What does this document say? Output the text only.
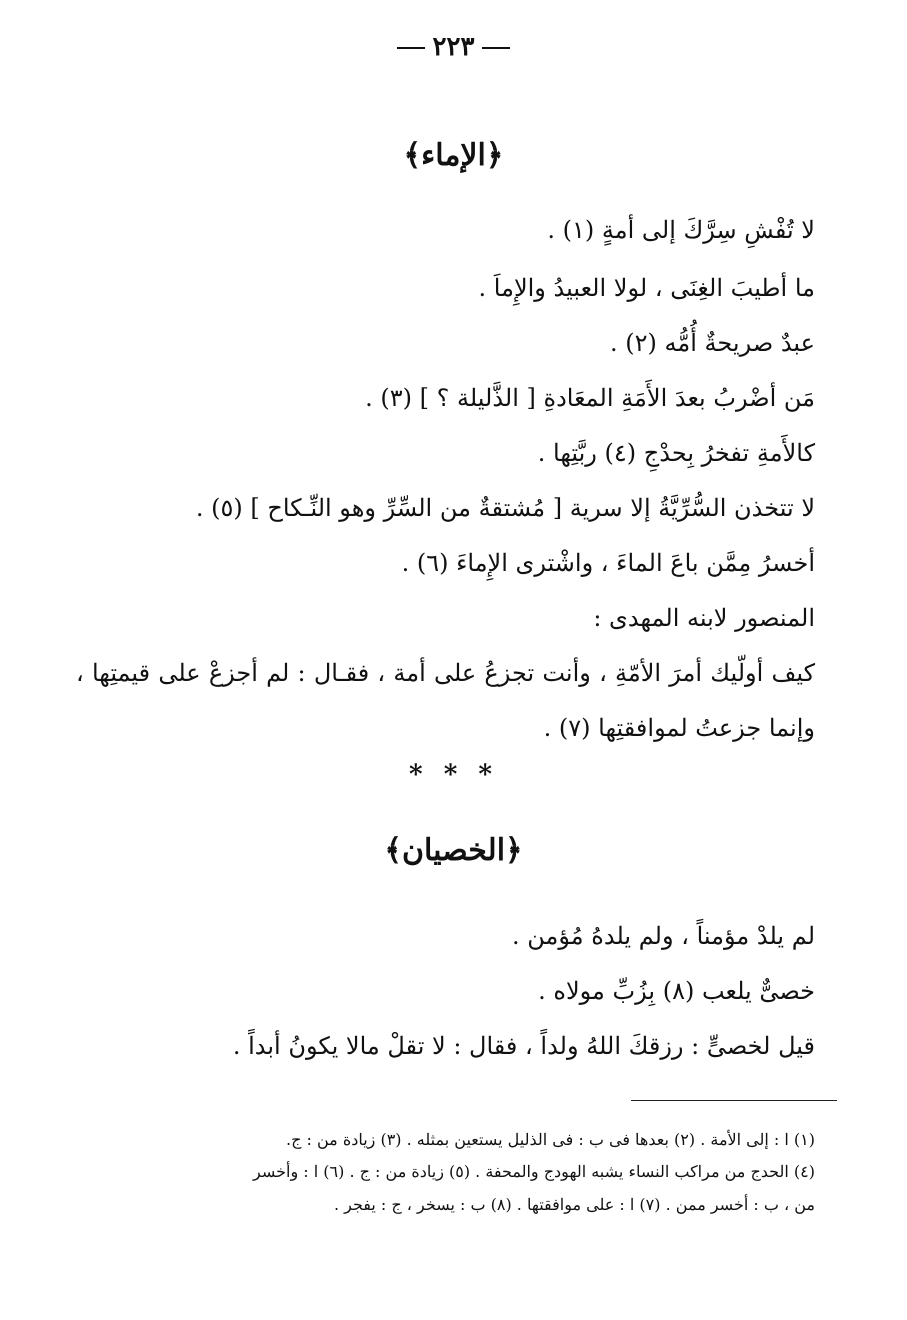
٢٢٣
﴿الإماء﴾
لا تُفْشِ سِرَّكَ إلى أمةٍ (١) .
ما أطيبَ الغِنَى ، لولا العبيدُ والإِماَ .
عبدٌ صريحةٌ أُمُّه (٢) .
مَن أضْربُ بعدَ الأَمَةِ المعَادةِ [ الذَّليلة ؟ ] (٣) .
كالأَمةِ تفخرُ بِحدْجِ (٤) ربَّتِها .
لا تتخذن السُّرِّيَّةُ إلا سرية [ مُشتقةٌ من السِّرِّ وهو النِّـكاح ] (٥) .
أخسرُ مِمَّن باعَ الماءَ ، واشْترى الإِماءَ (٦) .
المنصور لابنه المهدى :
كيف أولّيك أمرَ الأمّةِ ، وأنت تجزعُ على أمة ، فقـال : لم أجزعْ على قيمتِها ،
وإنما جزعتُ لموافقتِها (٧) .
* * *
﴿الخصيان﴾
لم يلدْ مؤمناً ، ولم يلدهُ مُؤمن .
خصىٌّ يلعب (٨) بِزُبِّ مولاه .
قيل لخصىٍّ : رزقكَ اللهُ ولداً ، فقال : لا تقلْ مالا يكونُ أبداً .
(١) ا : إلى الأمة . (٢) بعدها فى ب : فى الذليل يستعين بمثله . (٣) زيادة من : ج.
(٤) الحدج من مراكب النساء يشبه الهودج والمحفة . (٥) زيادة من : ج . (٦) ا : وأخسر
من ، ب : أخسر ممن . (٧) ا : على موافقتها . (٨) ب : يسخر ، ج : يفجر .
